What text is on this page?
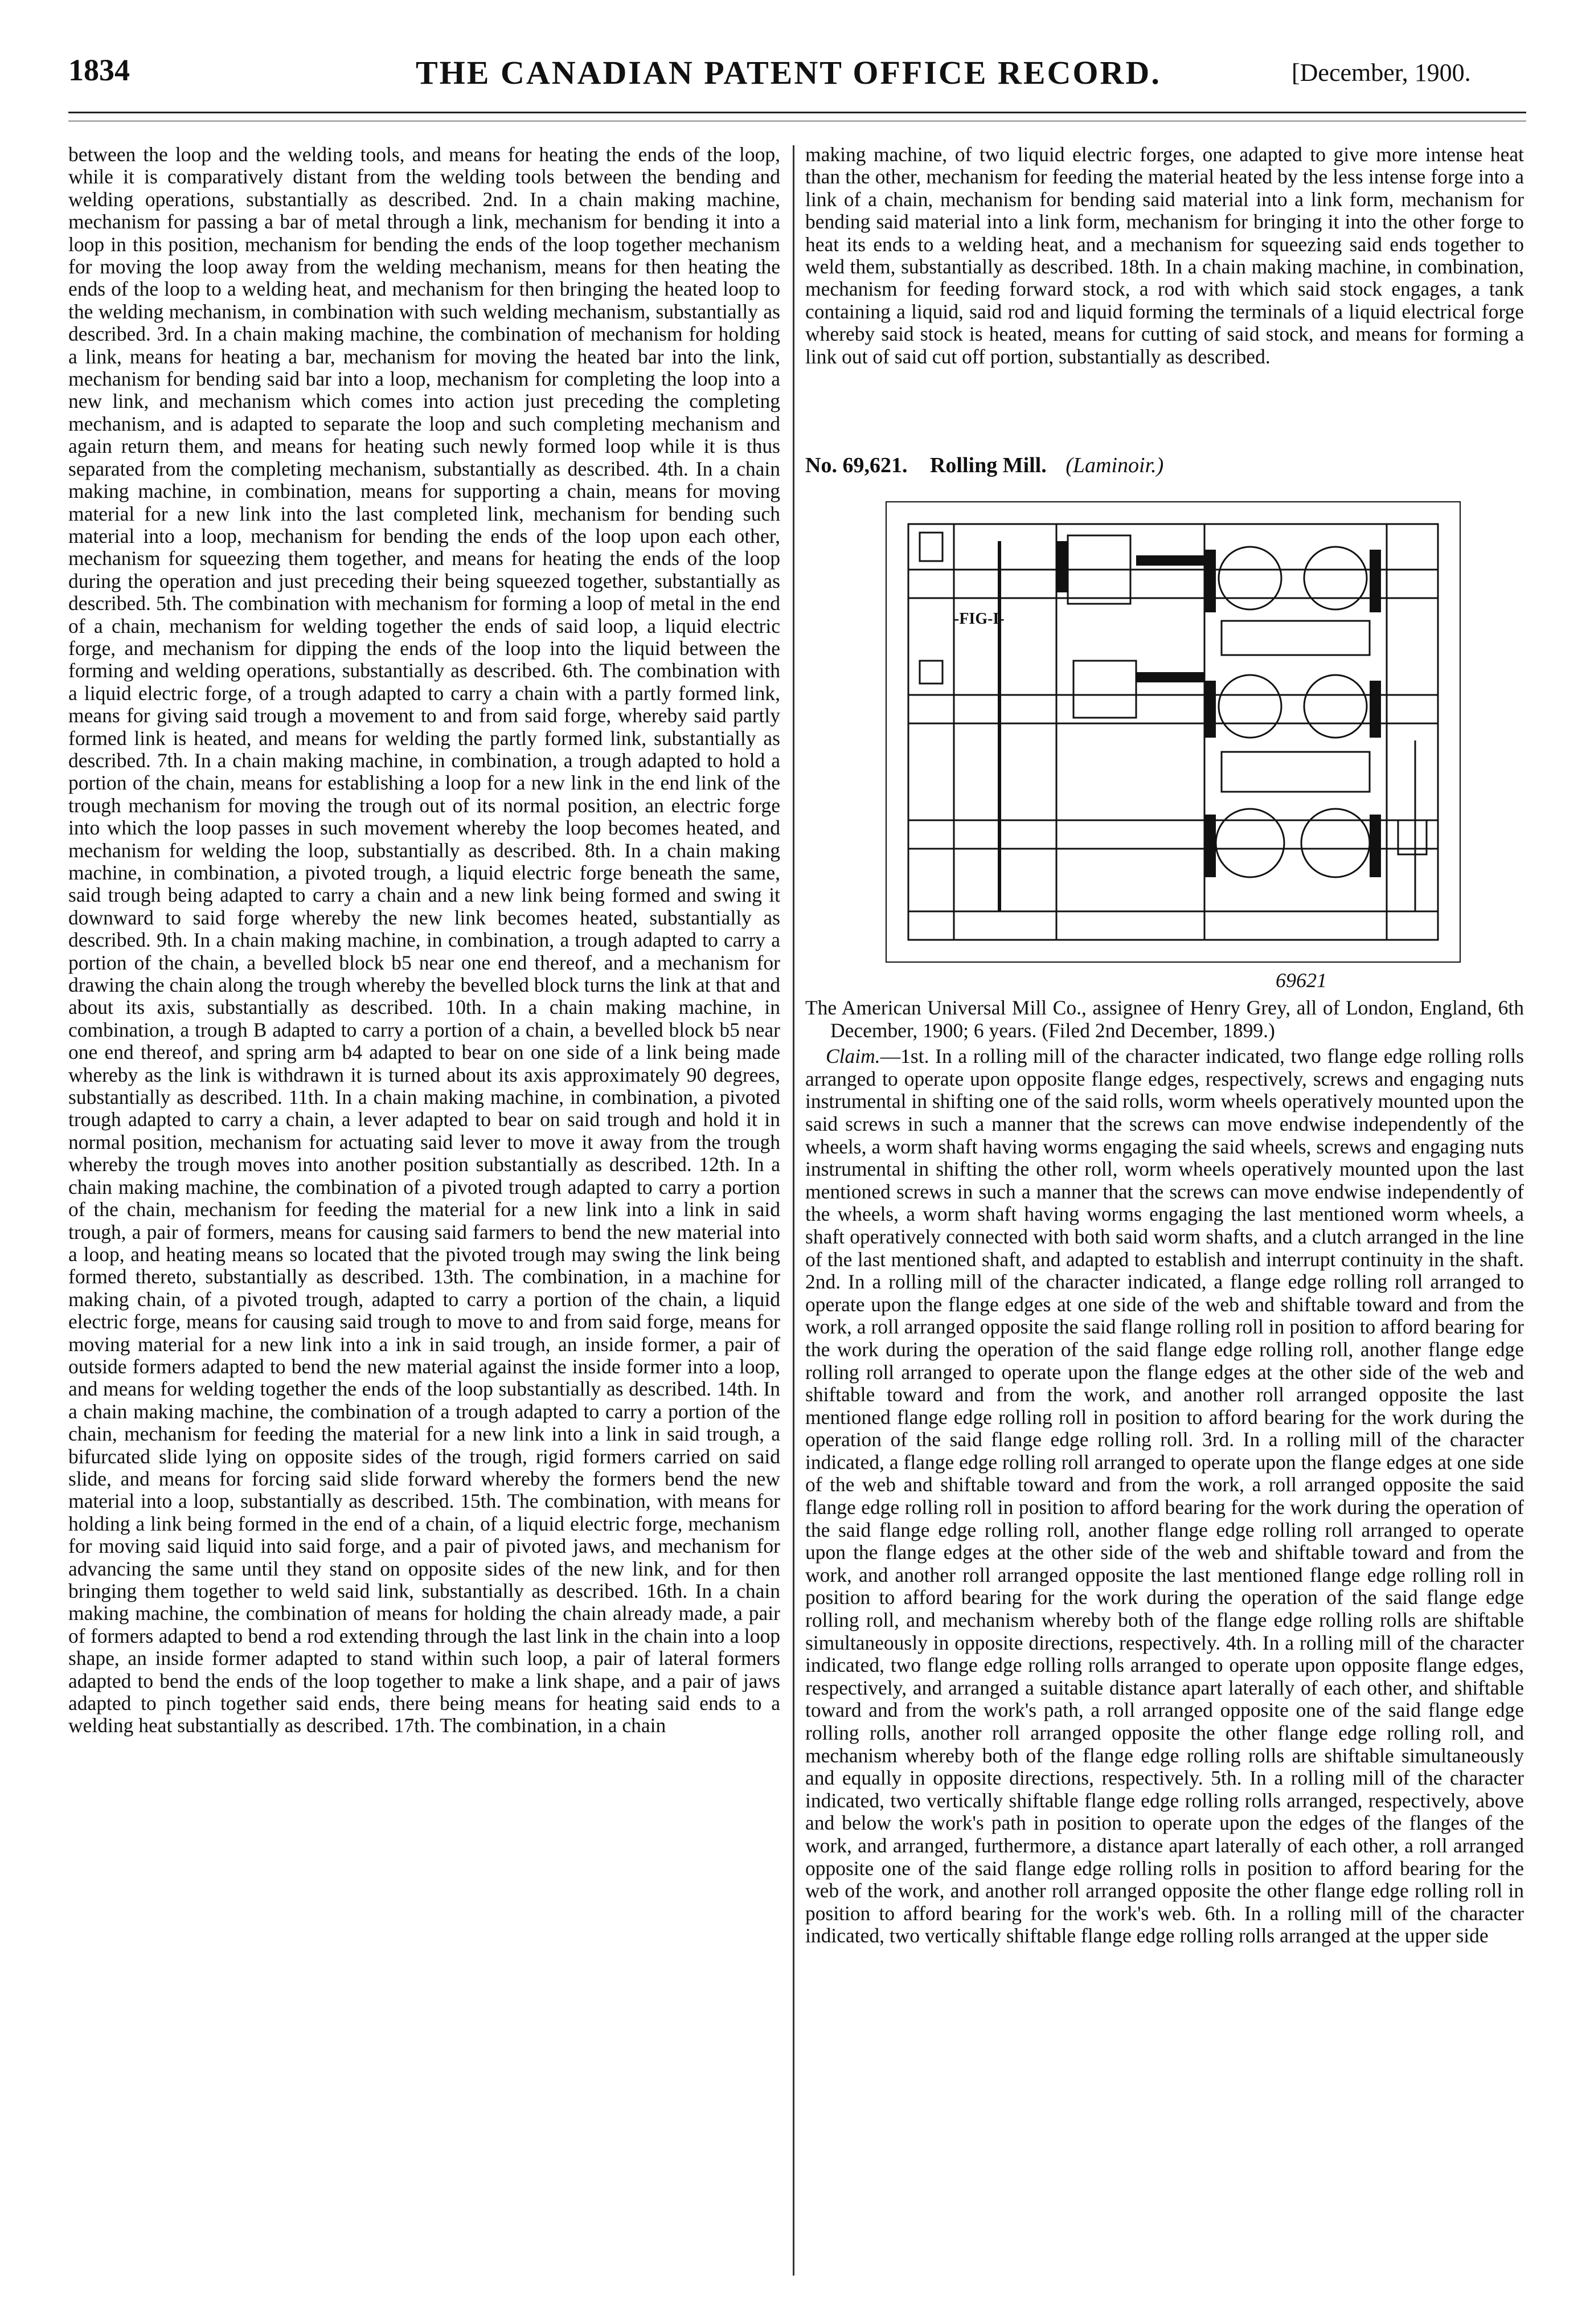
1834	THE CANADIAN PATENT OFFICE RECORD.	[December, 1900.

between the loop and the welding tools, and means for heating the ends of the loop, while it is comparatively distant from the welding tools between the bending and welding operations, substantially as described. 2nd. In a chain making machine, mechanism for passing a bar of metal through a link, mechanism for bending it into a loop in this position, mechanism for bending the ends of the loop together mechanism for moving the loop away from the welding mechanism, means for then heating the ends of the loop to a welding heat, and mechanism for then bringing the heated loop to the welding mechanism, in combination with such welding mechanism, substantially as described. 3rd. In a chain making machine, the combination of mechanism for holding a link, means for heating a bar, mechanism for moving the heated bar into the link, mechanism for bending said bar into a loop, mechanism for completing the loop into a new link, and mechanism which comes into action just preceding the completing mechanism, and is adapted to separate the loop and such completing mechanism and again return them, and means for heating such newly formed loop while it is thus separated from the completing mechanism, substantially as described. 4th. In a chain making machine, in combination, means for supporting a chain, means for moving material for a new link into the last completed link, mechanism for bending such material into a loop, mechanism for bending the ends of the loop upon each other, mechanism for squeezing them together, and means for heating the ends of the loop during the operation and just preceding their being squeezed together, substantially as described. 5th. The combination with mechanism for forming a loop of metal in the end of a chain, mechanism for welding together the ends of said loop, a liquid electric forge, and mechanism for dipping the ends of the loop into the liquid between the forming and welding operations, substantially as described. 6th. The combination with a liquid electric forge, of a trough adapted to carry a chain with a partly formed link, means for giving said trough a movement to and from said forge, whereby said partly formed link is heated, and means for welding the partly formed link, substantially as described. 7th. In a chain making machine, in combination, a trough adapted to hold a portion of the chain, means for establishing a loop for a new link in the end link of the trough mechanism for moving the trough out of its normal position, an electric forge into which the loop passes in such movement whereby the loop becomes heated, and mechanism for welding the loop, substantially as described. 8th. In a chain making machine, in combination, a pivoted trough, a liquid electric forge beneath the same, said trough being adapted to carry a chain and a new link being formed and swing it downward to said forge whereby the new link becomes heated, substantially as described. 9th. In a chain making machine, in combination, a trough adapted to carry a portion of the chain, a bevelled block b5 near one end thereof, and a mechanism for drawing the chain along the trough whereby the bevelled block turns the link at that and about its axis, substantially as described. 10th. In a chain making machine, in combination, a trough B adapted to carry a portion of a chain, a bevelled block b5 near one end thereof, and spring arm b4 adapted to bear on one side of a link being made whereby as the link is withdrawn it is turned about its axis approximately 90 degrees, substantially as described. 11th. In a chain making machine, in combination, a pivoted trough adapted to carry a chain, a lever adapted to bear on said trough and hold it in normal position, mechanism for actuating said lever to move it away from the trough whereby the trough moves into another position substantially as described. 12th. In a chain making machine, the combination of a pivoted trough adapted to carry a portion of the chain, mechanism for feeding the material for a new link into a link in said trough, a pair of formers, means for causing said farmers to bend the new material into a loop, and heating means so located that the pivoted trough may swing the link being formed thereto, substantially as described. 13th. The combination, in a machine for making chain, of a pivoted trough, adapted to carry a portion of the chain, a liquid electric forge, means for causing said trough to move to and from said forge, means for moving material for a new link into a ink in said trough, an inside former, a pair of outside formers adapted to bend the new material against the inside former into a loop, and means for welding together the ends of the loop substantially as described. 14th. In a chain making machine, the combination of a trough adapted to carry a portion of the chain, mechanism for feeding the material for a new link into a link in said trough, a bifurcated slide lying on opposite sides of the trough, rigid formers carried on said slide, and means for forcing said slide forward whereby the formers bend the new material into a loop, substantially as described. 15th. The combination, with means for holding a link being formed in the end of a chain, of a liquid electric forge, mechanism for moving said liquid into said forge, and a pair of pivoted jaws, and mechanism for advancing the same until they stand on opposite sides of the new link, and for then bringing them together to weld said link, substantially as described. 16th. In a chain making machine, the combination of means for holding the chain already made, a pair of formers adapted to bend a rod extending through the last link in the chain into a loop shape, an inside former adapted to stand within such loop, a pair of lateral formers adapted to bend the ends of the loop together to make a link shape, and a pair of jaws adapted to pinch together said ends, there being means for heating said ends to a welding heat substantially as described. 17th. The combination, in a chain

making machine, of two liquid electric forges, one adapted to give more intense heat than the other, mechanism for feeding the material heated by the less intense forge into a link of a chain, mechanism for bending said material into a link form, mechanism for bending said material into a link form, mechanism for bringing it into the other forge to heat its ends to a welding heat, and a mechanism for squeezing said ends together to weld them, substantially as described. 18th. In a chain making machine, in combination, mechanism for feeding forward stock, a rod with which said stock engages, a tank containing a liquid, said rod and liquid forming the terminals of a liquid electrical forge whereby said stock is heated, means for cutting of said stock, and means for forming a link out of said cut off portion, substantially as described.

No. 69,621. Rolling Mill. (Laminoir.)
-FIG-I-
69621

The American Universal Mill Co., assignee of Henry Grey, all of London, England, 6th December, 1900; 6 years. (Filed 2nd December, 1899.)

Claim.—1st. In a rolling mill of the character indicated, two flange edge rolling rolls arranged to operate upon opposite flange edges, respectively, screws and engaging nuts instrumental in shifting one of the said rolls, worm wheels operatively mounted upon the said screws in such a manner that the screws can move endwise independently of the wheels, a worm shaft having worms engaging the said wheels, screws and engaging nuts instrumental in shifting the other roll, worm wheels operatively mounted upon the last mentioned screws in such a manner that the screws can move endwise independently of the wheels, a worm shaft having worms engaging the last mentioned worm wheels, a shaft operatively connected with both said worm shafts, and a clutch arranged in the line of the last mentioned shaft, and adapted to establish and interrupt continuity in the shaft. 2nd. In a rolling mill of the character indicated, a flange edge rolling roll arranged to operate upon the flange edges at one side of the web and shiftable toward and from the work, a roll arranged opposite the said flange rolling roll in position to afford bearing for the work during the operation of the said flange edge rolling roll, another flange edge rolling roll arranged to operate upon the flange edges at the other side of the web and shiftable toward and from the work, and another roll arranged opposite the last mentioned flange edge rolling roll in position to afford bearing for the work during the operation of the said flange edge rolling roll. 3rd. In a rolling mill of the character indicated, a flange edge rolling roll arranged to operate upon the flange edges at one side of the web and shiftable toward and from the work, a roll arranged opposite the said flange edge rolling roll in position to afford bearing for the work during the operation of the said flange edge rolling roll, another flange edge rolling roll arranged to operate upon the flange edges at the other side of the web and shiftable toward and from the work, and another roll arranged opposite the last mentioned flange edge rolling roll in position to afford bearing for the work during the operation of the said flange edge rolling roll, and mechanism whereby both of the flange edge rolling rolls are shiftable simultaneously in opposite directions, respectively. 4th. In a rolling mill of the character indicated, two flange edge rolling rolls arranged to operate upon opposite flange edges, respectively, and arranged a suitable distance apart laterally of each other, and shiftable toward and from the work's path, a roll arranged opposite one of the said flange edge rolling rolls, another roll arranged opposite the other flange edge rolling roll, and mechanism whereby both of the flange edge rolling rolls are shiftable simultaneously and equally in opposite directions, respectively. 5th. In a rolling mill of the character indicated, two vertically shiftable flange edge rolling rolls arranged, respectively, above and below the work's path in position to operate upon the edges of the flanges of the work, and arranged, furthermore, a distance apart laterally of each other, a roll arranged opposite one of the said flange edge rolling rolls in position to afford bearing for the web of the work, and another roll arranged opposite the other flange edge rolling roll in position to afford bearing for the work's web. 6th. In a rolling mill of the character indicated, two vertically shiftable flange edge rolling rolls arranged at the upper side
